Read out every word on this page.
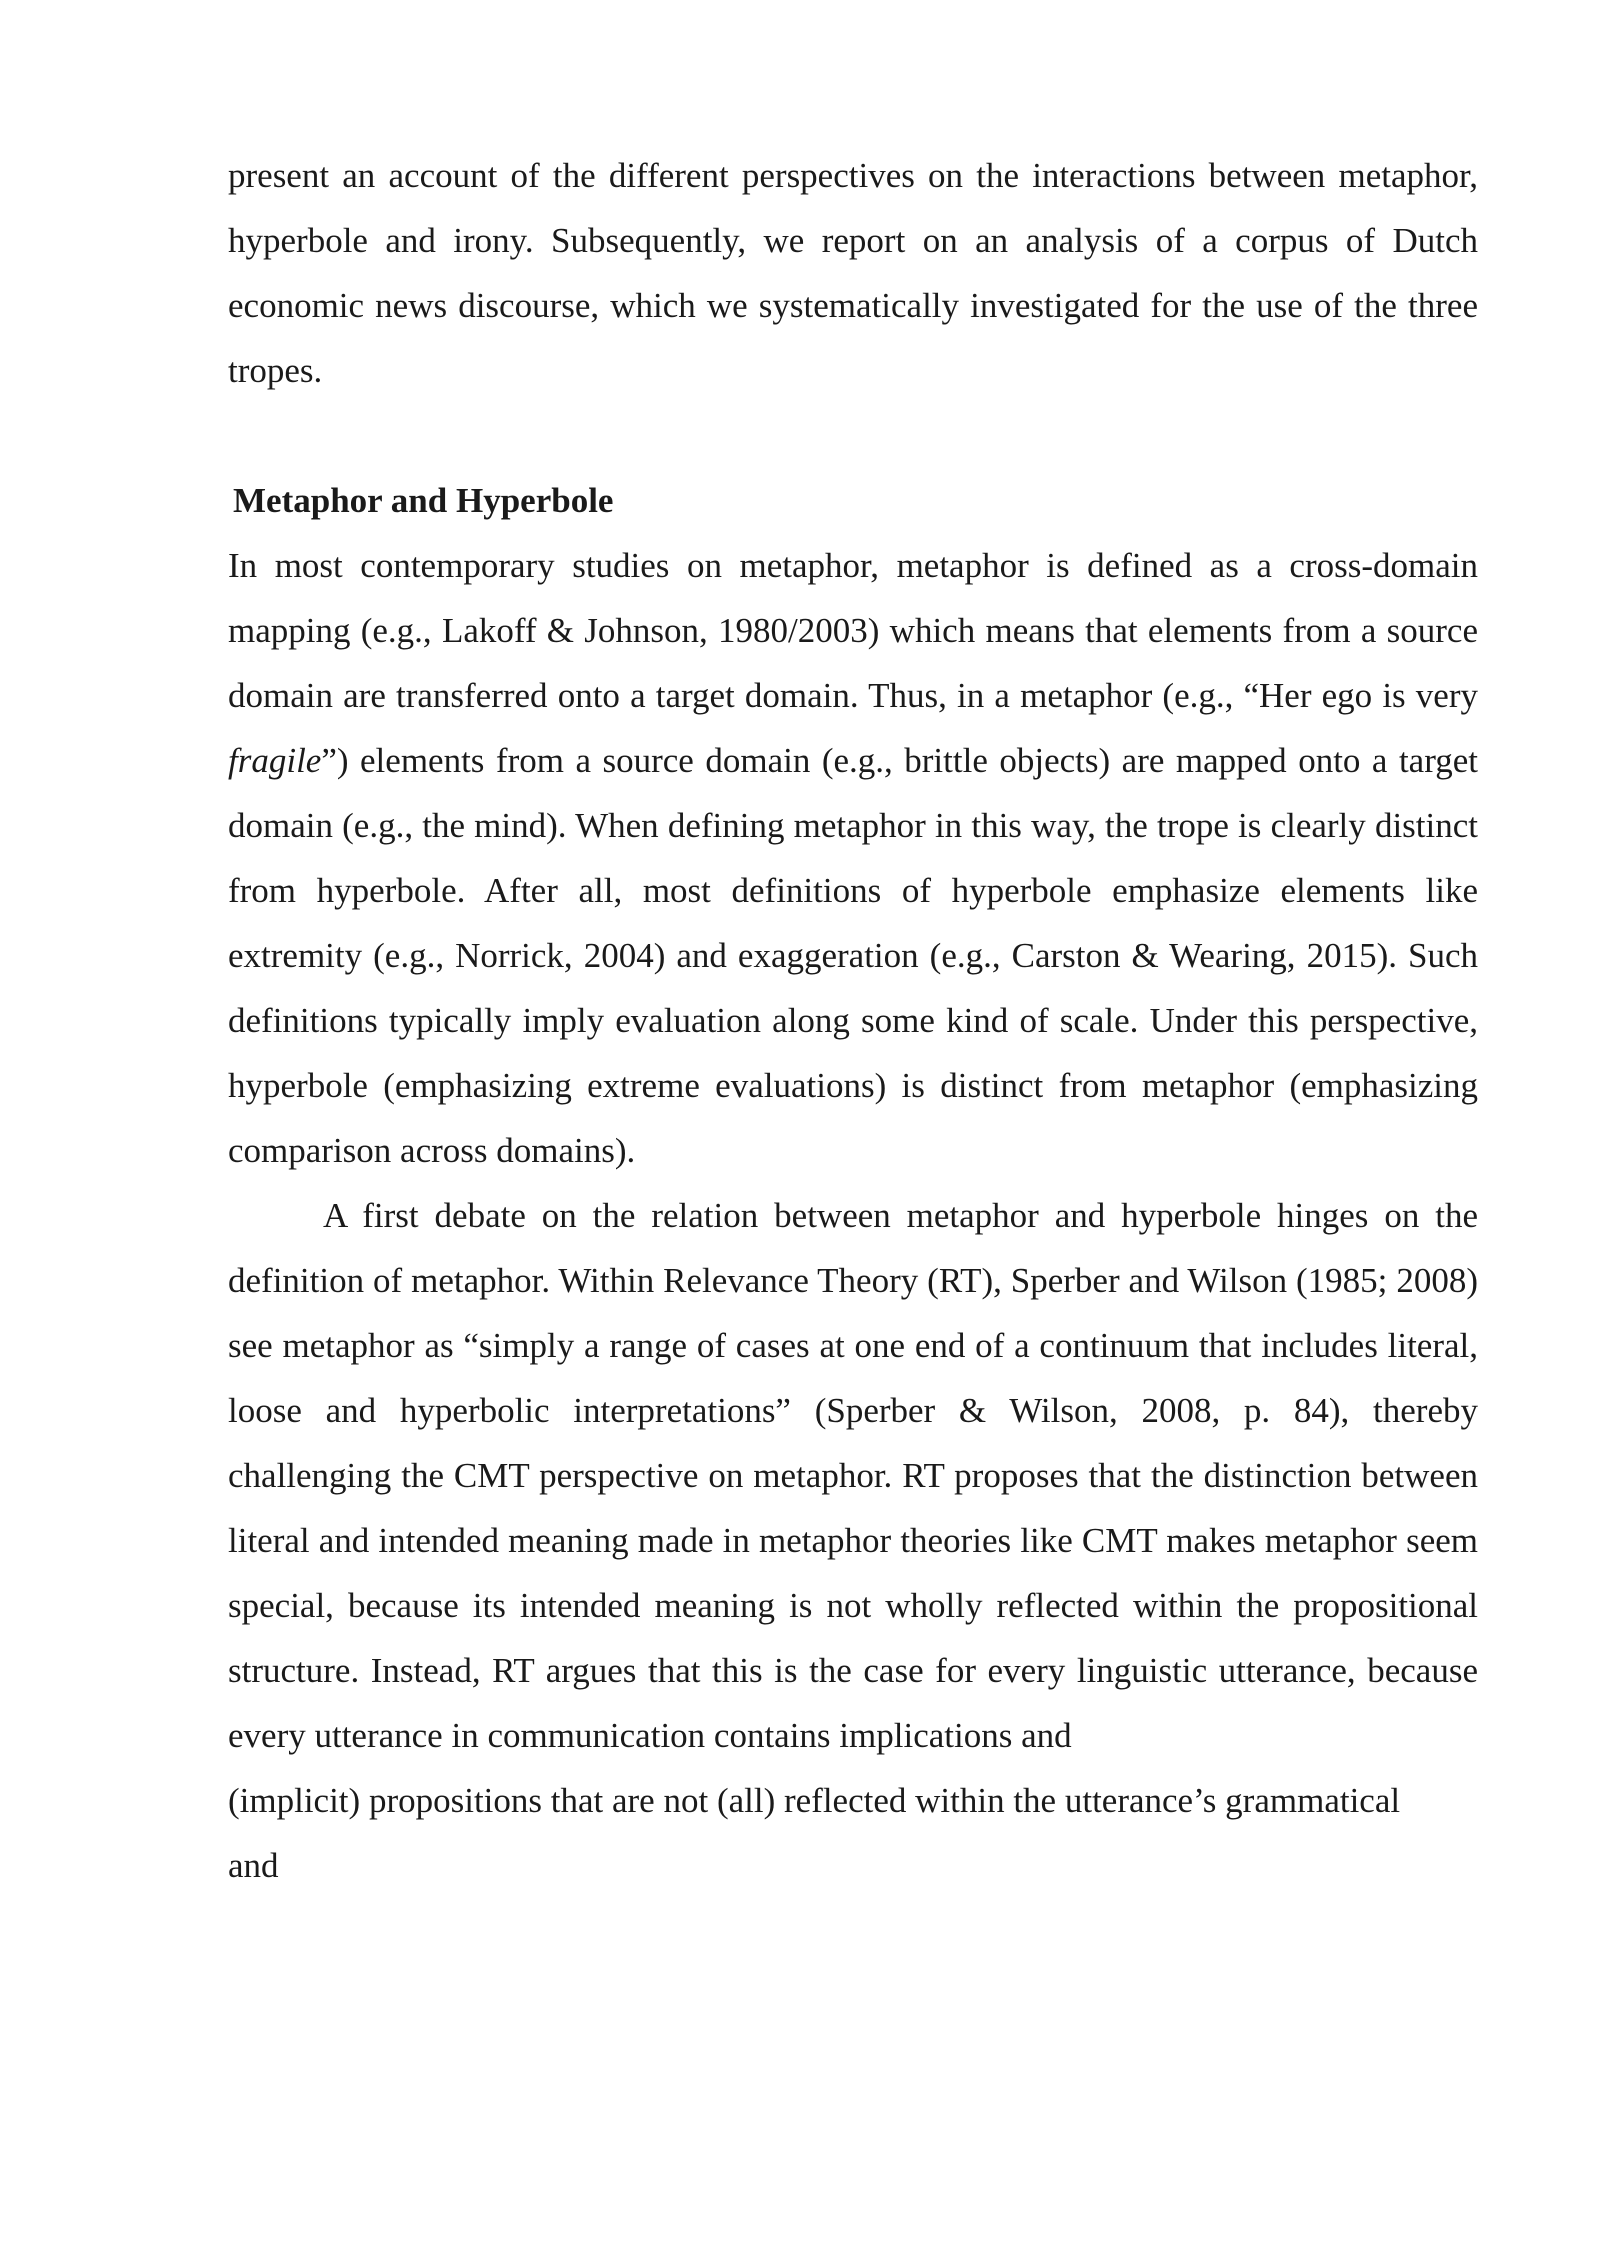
present an account of the different perspectives on the interactions between metaphor, hyperbole and irony. Subsequently, we report on an analysis of a corpus of Dutch economic news discourse, which we systematically investigated for the use of the three tropes.

Metaphor and Hyperbole

In most contemporary studies on metaphor, metaphor is defined as a cross-domain mapping (e.g., Lakoff & Johnson, 1980/2003) which means that elements from a source domain are transferred onto a target domain. Thus, in a metaphor (e.g., “Her ego is very fragile”) elements from a source domain (e.g., brittle objects) are mapped onto a target domain (e.g., the mind). When defining metaphor in this way, the trope is clearly distinct from hyperbole. After all, most definitions of hyperbole emphasize elements like extremity (e.g., Norrick, 2004) and exaggeration (e.g., Carston & Wearing, 2015). Such definitions typically imply evaluation along some kind of scale. Under this perspective, hyperbole (emphasizing extreme evaluations) is distinct from metaphor (emphasizing comparison across domains).

A first debate on the relation between metaphor and hyperbole hinges on the definition of metaphor. Within Relevance Theory (RT), Sperber and Wilson (1985; 2008) see metaphor as “simply a range of cases at one end of a continuum that includes literal, loose and hyperbolic interpretations” (Sperber & Wilson, 2008, p. 84), thereby challenging the CMT perspective on metaphor. RT proposes that the distinction between literal and intended meaning made in metaphor theories like CMT makes metaphor seem special, because its intended meaning is not wholly reflected within the propositional structure. Instead, RT argues that this is the case for every linguistic utterance, because every utterance in communication contains implications and

(implicit) propositions that are not (all) reflected within the utterance’s grammatical

and
